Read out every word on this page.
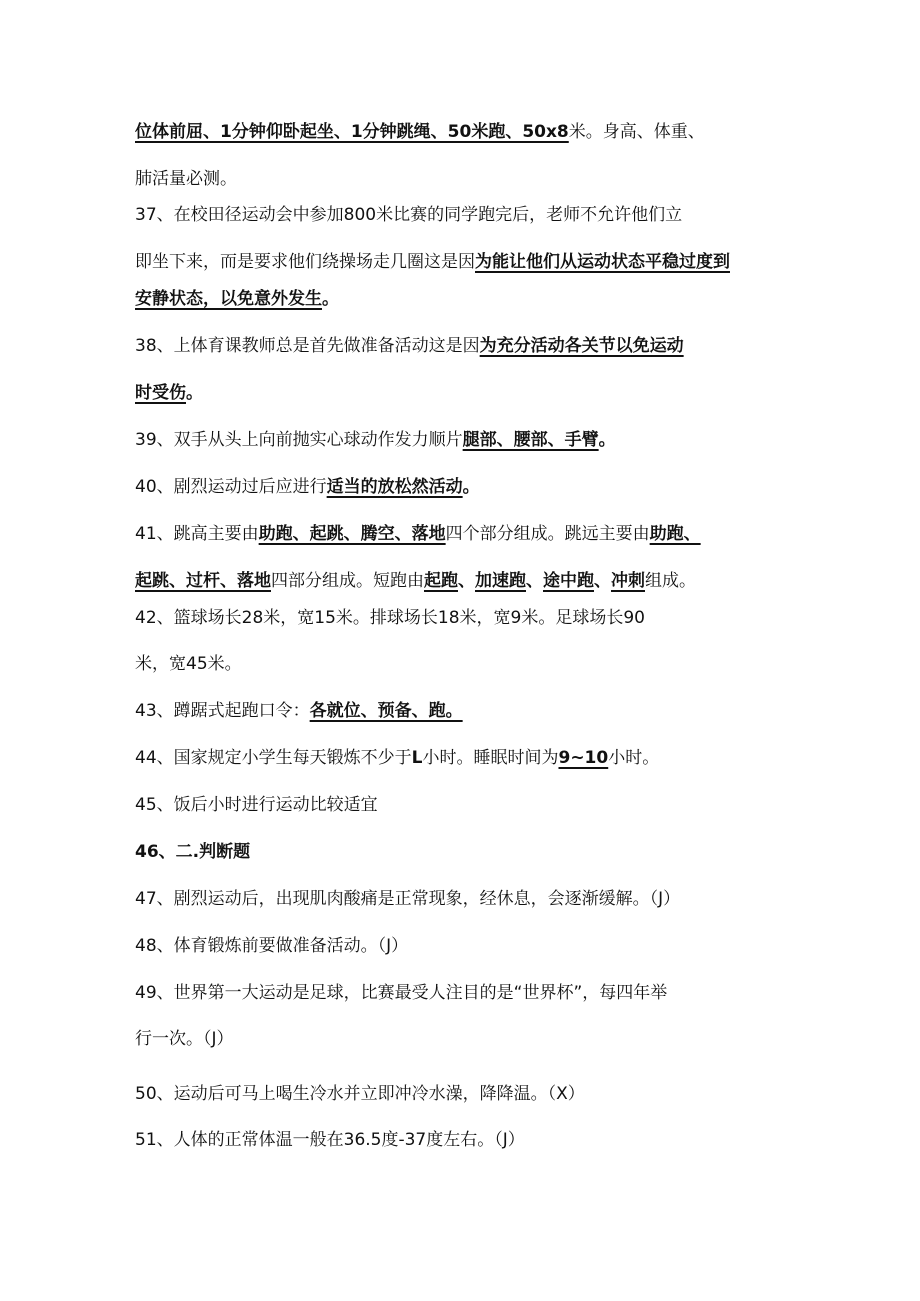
位体前屈、1分钟仰卧起坐、1分钟跳绳、50米跑、50x8米。身高、体重、
肺活量必测。
37、在校田径运动会中参加800米比赛的同学跑完后，老师不允许他们立
即坐下来，而是要求他们绕操场走几圈这是因为能让他们从运动状态平稳过度到
安静状态，以免意外发生。
38、上体育课教师总是首先做准备活动这是因为充分活动各关节以免运动
时受伤。
39、双手从头上向前抛实心球动作发力顺片腿部、腰部、手臂。
40、剧烈运动过后应进行适当的放松然活动。
41、跳高主要由助跑、起跳、腾空、落地四个部分组成。跳远主要由助跑、
起跳、过杆、落地四部分组成。短跑由起跑、加速跑、途中跑、冲刺组成。
42、篮球场长28米，宽15米。排球场长18米，宽9米。足球场长90
米，宽45米。
43、蹲踞式起跑口令：各就位、预备、跑。
44、国家规定小学生每天锻炼不少于L小时。睡眠时间为9~10小时。
45、饭后小时进行运动比较适宜
46、二.判断题
47、剧烈运动后，出现肌肉酸痛是正常现象，经休息，会逐渐缓解。（J）
48、体育锻炼前要做准备活动。（J）
49、世界第一大运动是足球，比赛最受人注目的是“世界杯”，每四年举
行一次。（J）
50、运动后可马上喝生冷水并立即冲冷水澡，降降温。（X）
51、人体的正常体温一般在36.5度-37度左右。（J）
